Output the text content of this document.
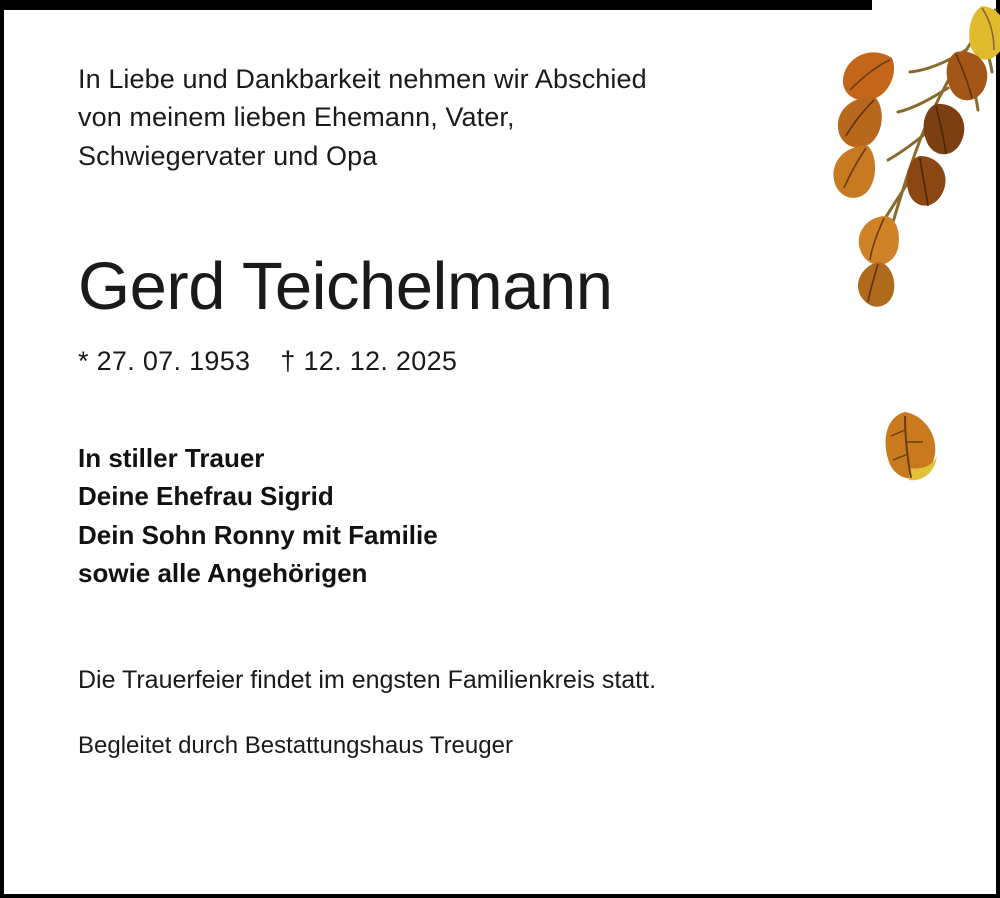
In Liebe und Dankbarkeit nehmen wir Abschied
von meinem lieben Ehemann, Vater,
Schwiegervater und Opa
Gerd Teichelmann
* 27. 07. 1953 † 12. 12. 2025
In stiller Trauer
Deine Ehefrau Sigrid
Dein Sohn Ronny mit Familie
sowie alle Angehörigen
Die Trauerfeier findet im engsten Familienkreis statt.
Begleitet durch Bestattungshaus Treuger
